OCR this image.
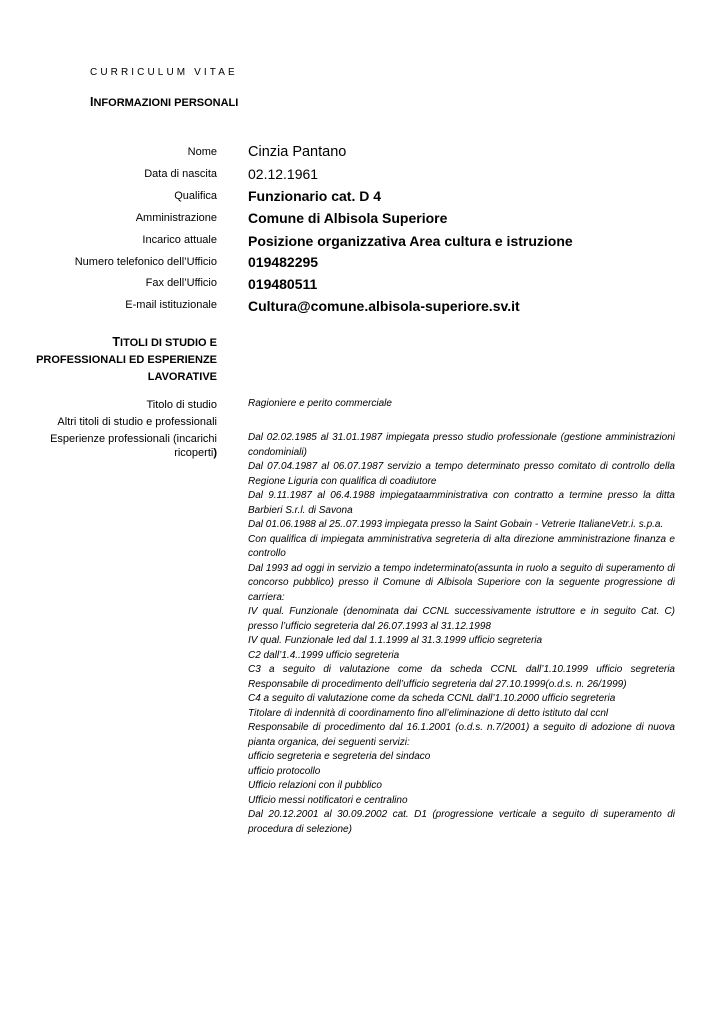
CURRICULUM VITAE
INFORMAZIONI PERSONALI
Nome Cinzia Pantano
Data di nascita 02.12.1961
Qualifica Funzionario cat. D 4
Amministrazione Comune di Albisola Superiore
Incarico attuale Posizione organizzativa Area cultura e istruzione
Numero telefonico dell’Ufficio 019482295
Fax dell’Ufficio 019480511
E-mail istituzionale Cultura@comune.albisola-superiore.sv.it
TITOLI DI STUDIO E
PROFESSIONALI ED ESPERIENZE
LAVORATIVE
Titolo di studio	Ragioniere e perito commerciale
Altri titoli di studio e professionali
Esperienze professionali (incarichi
ricoperti)
Dal 02.02.1985 al 31.01.1987 impiegata presso studio professionale (gestione amministrazioni
condominiali)
Dal 07.04.1987 al 06.07.1987 servizio a tempo determinato presso comitato di controllo della
Regione Liguria con qualifica di coadiutore
Dal 9.11.1987 al 06.4.1988 impiegataamministrativa con contratto a termine presso la ditta
Barbieri S.r.l. di Savona
Dal 01.06.1988 al 25..07.1993 impiegata presso la Saint Gobain - Vetrerie ItalianeVetr.i. s.p.a.
Con qualifica di impiegata amministrativa segreteria di alta direzione amministrazione finanza e
controllo
Dal 1993 ad oggi in servizio a tempo indeterminato(assunta in ruolo a seguito di superamento di
concorso pubblico) presso il Comune di Albisola Superiore con la seguente progressione di
carriera:
IV qual. Funzionale (denominata dai CCNL successivamente istruttore e in seguito Cat. C)
presso l’ufficio segreteria dal 26.07.1993 al 31.12.1998
IV qual. Funzionale Ied dal 1.1.1999 al 31.3.1999 ufficio segreteria
C2 dall’1.4..1999 ufficio segreteria
C3 a seguito di valutazione come da scheda CCNL dall’1.10.1999 ufficio segreteria
Responsabile di procedimento dell’ufficio segreteria dal 27.10.1999(o.d.s. n. 26/1999)
C4 a seguito di valutazione come da scheda CCNL dall’1.10.2000 ufficio segreteria
Titolare di indennità di coordinamento fino all’eliminazione di detto istituto dal ccnl
Responsabile di procedimento dal 16.1.2001 (o.d.s. n.7/2001) a seguito di adozione di nuova
pianta organica, dei seguenti servizi:
ufficio segreteria e segreteria del sindaco
ufficio protocollo
Ufficio relazioni con il pubblico
Ufficio messi notificatori e centralino
Dal 20.12.2001 al 30.09.2002 cat. D1 (progressione verticale a seguito di superamento di
procedura di selezione)
